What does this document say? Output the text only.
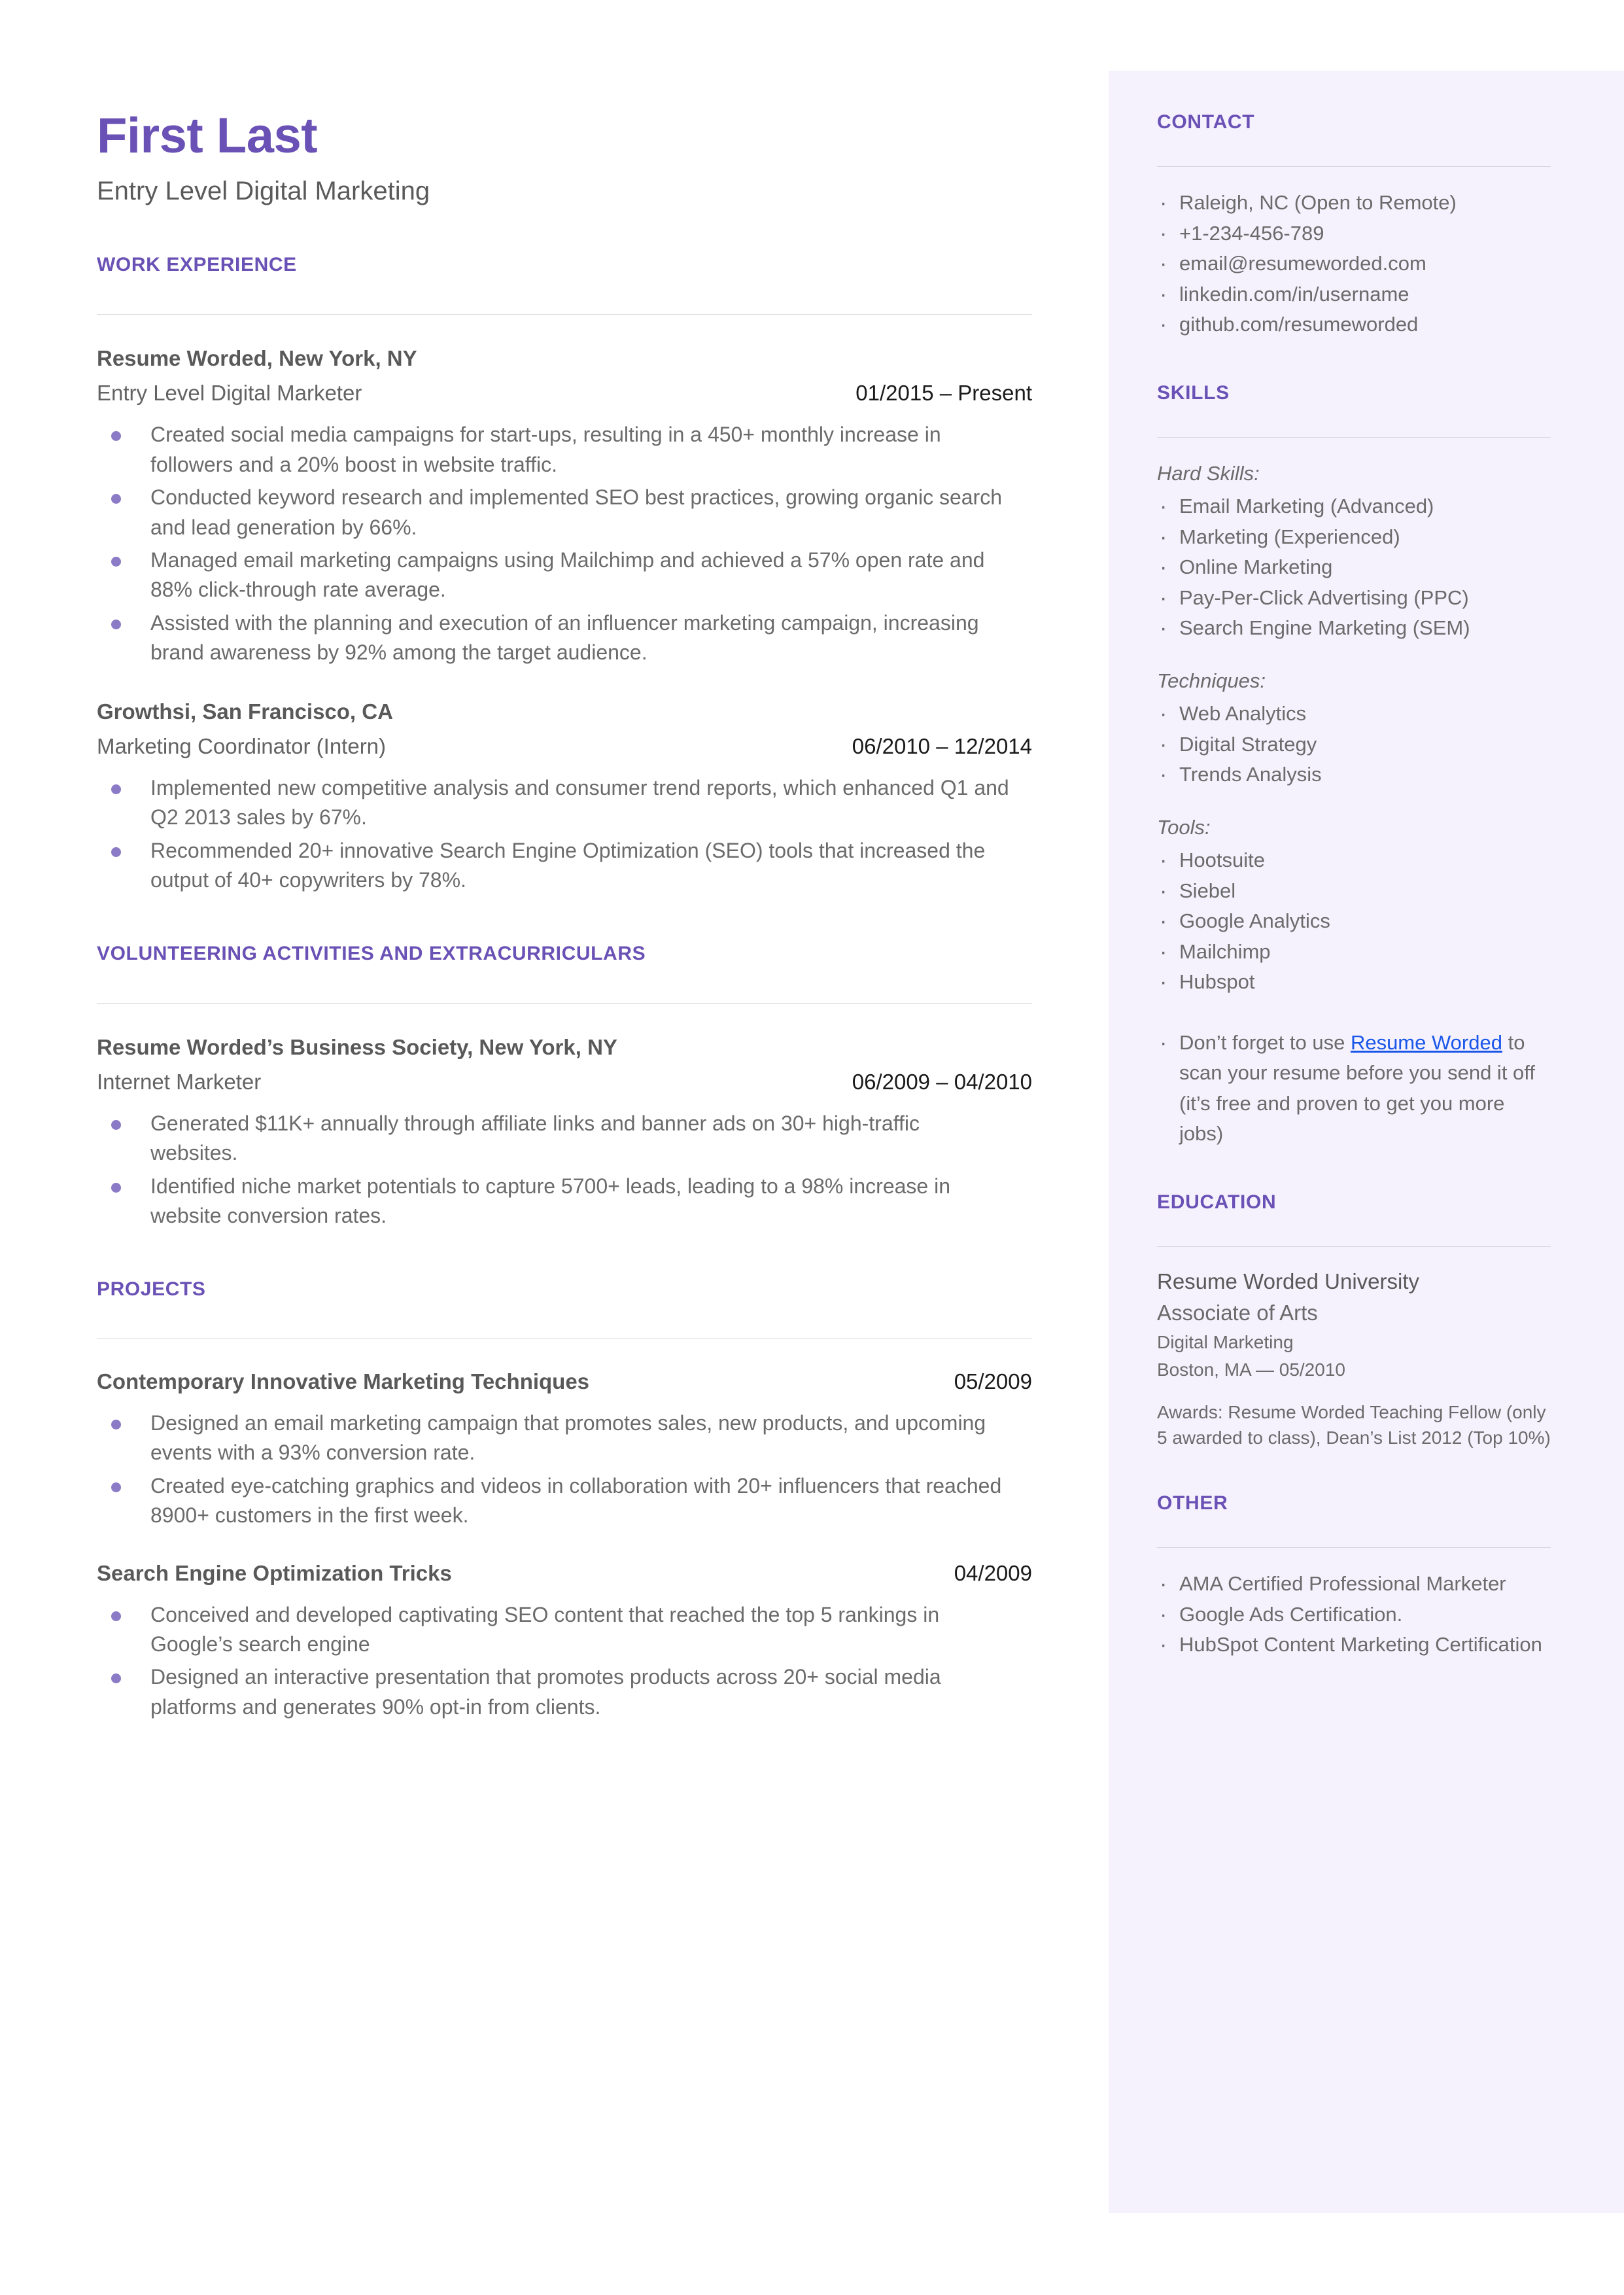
First Last
Entry Level Digital Marketing
WORK EXPERIENCE
Resume Worded, New York, NY
Entry Level Digital Marketer	01/2015 – Present
Created social media campaigns for start-ups, resulting in a 450+ monthly increase in followers and a 20% boost in website traffic.
Conducted keyword research and implemented SEO best practices, growing organic search and lead generation by 66%.
Managed email marketing campaigns using Mailchimp and achieved a 57% open rate and 88% click-through rate average.
Assisted with the planning and execution of an influencer marketing campaign, increasing brand awareness by 92% among the target audience.
Growthsi, San Francisco, CA
Marketing Coordinator (Intern)	06/2010 – 12/2014
Implemented new competitive analysis and consumer trend reports, which enhanced Q1 and Q2 2013 sales by 67%.
Recommended 20+ innovative Search Engine Optimization (SEO) tools that increased the output of 40+ copywriters by 78%.
VOLUNTEERING ACTIVITIES AND EXTRACURRICULARS
Resume Worded’s Business Society, New York, NY
Internet Marketer	06/2009 – 04/2010
Generated $11K+ annually through affiliate links and banner ads on 30+ high-traffic websites.
Identified niche market potentials to capture 5700+ leads, leading to a 98% increase in website conversion rates.
PROJECTS
Contemporary Innovative Marketing Techniques	05/2009
Designed an email marketing campaign that promotes sales, new products, and upcoming events with a 93% conversion rate.
Created eye-catching graphics and videos in collaboration with 20+ influencers that reached 8900+ customers in the first week.
Search Engine Optimization Tricks	04/2009
Conceived and developed captivating SEO content that reached the top 5 rankings in Google’s search engine
Designed an interactive presentation that promotes products across 20+ social media platforms and generates 90% opt-in from clients.
CONTACT
· Raleigh, NC (Open to Remote)
· +1-234-456-789
· email@resumeworded.com
· linkedin.com/in/username
· github.com/resumeworded
SKILLS
Hard Skills:
· Email Marketing (Advanced)
· Marketing (Experienced)
· Online Marketing
· Pay-Per-Click Advertising (PPC)
· Search Engine Marketing (SEM)
Techniques:
· Web Analytics
· Digital Strategy
· Trends Analysis
Tools:
· Hootsuite
· Siebel
· Google Analytics
· Mailchimp
· Hubspot
· Don’t forget to use Resume Worded to scan your resume before you send it off (it’s free and proven to get you more jobs)
EDUCATION
Resume Worded University
Associate of Arts
Digital Marketing
Boston, MA — 05/2010
Awards: Resume Worded Teaching Fellow (only 5 awarded to class), Dean’s List 2012 (Top 10%)
OTHER
· AMA Certified Professional Marketer
· Google Ads Certification.
· HubSpot Content Marketing Certification
